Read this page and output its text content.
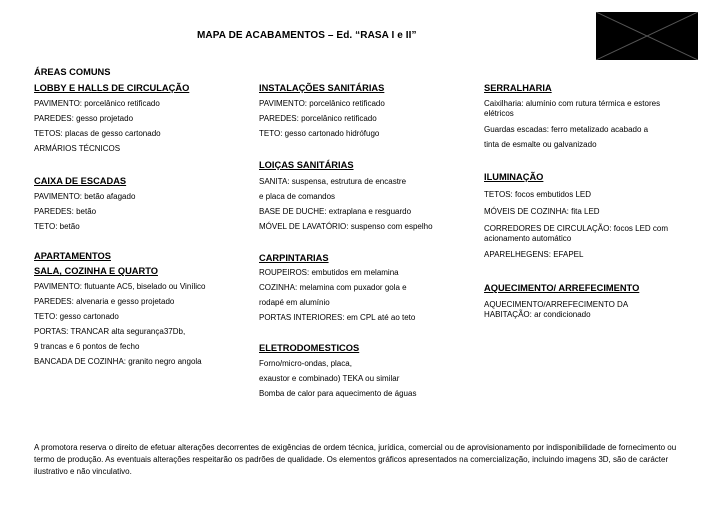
MAPA DE ACABAMENTOS – Ed. “RASA I e II”
ÁREAS COMUNS
LOBBY E HALLS DE CIRCULAÇÃO
PAVIMENTO: porcelânico retificado
PAREDES: gesso projetado
TETOS: placas de gesso cartonado
ARMÁRIOS TÉCNICOS
CAIXA DE ESCADAS
PAVIMENTO: betão afagado
PAREDES: betão
TETO: betão
APARTAMENTOS
SALA, COZINHA E QUARTO
PAVIMENTO: flutuante AC5, biselado ou Vinílico
PAREDES: alvenaria e gesso projetado
TETO: gesso cartonado
PORTAS: TRANCAR alta segurança37Db,
9 trancas e 6 pontos de fecho
BANCADA DE COZINHA: granito negro angola
INSTALAÇÕES SANITÁRIAS
PAVIMENTO: porcelânico retificado
PAREDES: porcelânico retificado
TETO: gesso cartonado hidrófugo
LOIÇAS SANITÁRIAS
SANITA: suspensa, estrutura de encastre
e placa de comandos
BASE DE DUCHE: extraplana e resguardo
MÓVEL DE LAVATÓRIO: suspenso com espelho
CARPINTARIAS
ROUPEIROS: embutidos em melamina
COZINHA: melamina com puxador gola e
rodapé em alumínio
PORTAS INTERIORES: em CPL até ao teto
ELETRODOMESTICOS
Forno/micro-ondas, placa,
exaustor e combinado) TEKA ou similar
Bomba de calor para aquecimento de águas
SERRALHARIA
Caixilharia: alumínio com rutura térmica e estores elétricos
Guardas escadas: ferro metalizado acabado a
tinta de esmalte ou galvanizado
ILUMINAÇÃO
TETOS: focos embutidos LED
MÓVEIS DE COZINHA: fita LED
CORREDORES DE CIRCULAÇÃO: focos LED com acionamento automático
APARELHEGENS: EFAPEL
AQUECIMENTO/ ARREFECIMENTO
AQUECIMENTO/ARREFECIMENTO DA HABITAÇÃO: ar condicionado
A promotora reserva o direito de efetuar alterações decorrentes de exigências de ordem técnica, jurídica, comercial ou de aprovisionamento por indisponibilidade de fornecimento ou termo de produção. As eventuais alterações respeitarão os padrões de qualidade. Os elementos gráficos apresentados na comercialização, incluindo imagens 3D, são de carácter ilustrativo e não vinculativo.
